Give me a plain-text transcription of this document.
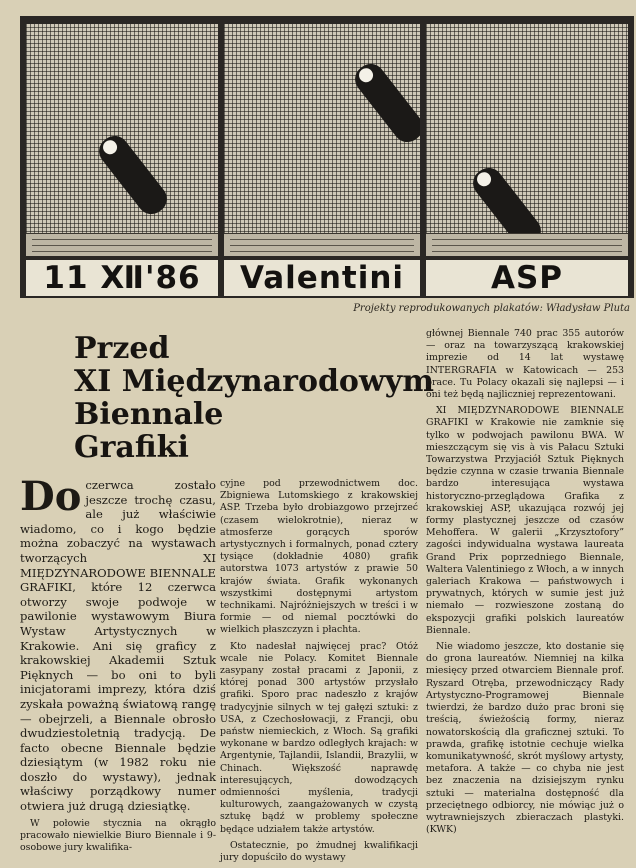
11 Ⅻ'86	Valentini	ASP
Projekty reprodukowanych plakatów: Władysław Pluta
Przed
XI Międzynarodowym
Biennale
Grafiki

Do czerwca zostało jeszcze trochę czasu, ale już właściwie wiadomo, co i kogo będzie można zobaczyć na wystawach tworzących XI MIĘDZYNARODOWE BIENNALE GRAFIKI, które 12 czerwca otworzy swoje podwoje w pawilonie wystawowym Biura Wystaw Artystycznych w Krakowie. Ani się graficy z krakowskiej Akademii Sztuk Pięknych — bo oni to byli inicjatorami imprezy, która dziś zyskała poważną światową rangę — obejrzeli, a Biennale obrosło dwudziestoletnią tradycją. De facto obecne Biennale będzie dziesiątym (w 1982 roku nie doszło do wystawy), jednak właściwy porządkowy numer otwiera już drugą dziesiątkę.

W połowie stycznia na okrągło pracowało niewielkie Biuro Biennale i 9-osobowe jury kwalifika-

cyjne pod przewodnictwem doc. Zbigniewa Lutomskiego z krakowskiej ASP. Trzeba było drobiazgowo przejrzeć (czasem wielokrotnie), nieraz w atmosferze gorących sporów artystycznych i formalnych, ponad cztery tysiące (dokładnie 4080) grafik autorstwa 1073 artystów z prawie 50 krajów świata. Grafik wykonanych wszystkimi dostępnymi artystom technikami. Najróżniejszych w treści i w formie — od niemal pocztówki do wielkich płaszczyzn i płachta.

Kto nadesłał najwięcej prac? Otóż wcale nie Polacy. Komitet Biennale zasypany został pracami z Japonii, z której ponad 300 artystów przysłało grafiki. Sporo prac nadeszło z krajów tradycyjnie silnych w tej gałęzi sztuki: z USA, z Czechosłowacji, z Francji, obu państw niemieckich, z Włoch. Są grafiki wykonane w bardzo odległych krajach: w Argentynie, Tajlandii, Islandii, Brazylii, w Chinach. Większość naprawdę interesujących, dowodzących odmienności myślenia, tradycji kulturowych, zaangażowanych w czystą sztukę bądź w problemy społeczne będące udziałem także artystów.

Ostatecznie, po żmudnej kwalifikacji jury dopuściło do wystawy

głównej Biennale 740 prac 355 autorów — oraz na towarzyszącą krakowskiej imprezie od 14 lat wystawę INTERGRAFIA w Katowicach — 253 prace. Tu Polacy okazali się najlepsi — i oni też będą najliczniej reprezentowani.

XI MIĘDZYNARODOWE BIENNALE GRAFIKI w Krakowie nie zamknie się tylko w podwojach pawilonu BWA. W mieszczącym się vis à vis Pałacu Sztuki Towarzystwa Przyjaciół Sztuk Pięknych będzie czynna w czasie trwania Biennale bardzo interesująca wystawa historyczno-przeglądowa Grafika z krakowskiej ASP, ukazująca rozwój jej formy plastycznej jeszcze od czasów Mehoffera. W galerii „Krzysztofory” zagości indywidualna wystawa laureata Grand Prix poprzedniego Biennale, Waltera Valentiniego z Włoch, a w innych galeriach Krakowa — państwowych i prywatnych, których w sumie jest już niemało — rozwieszone zostaną do ekspozycji grafiki polskich laureatów Biennale.

Nie wiadomo jeszcze, kto dostanie się do grona laureatów. Niemniej na kilka miesięcy przed otwarciem Biennale prof. Ryszard Otręba, przewodniczący Rady Artystyczno-Programowej Biennale twierdzi, że bardzo dużo prac broni się treścią, świeżością formy, nieraz nowatorskością dla graficznej sztuki. To prawda, grafikę istotnie cechuje wielka komunikatywność, skrót myślowy artysty, metafora. A także — co chyba nie jest bez znaczenia na dzisiejszym rynku sztuki — materialna dostępność dla przeciętnego odbiorcy, nie mówiąc już o wytrawniejszych zbieraczach plastyki. (KWK)
